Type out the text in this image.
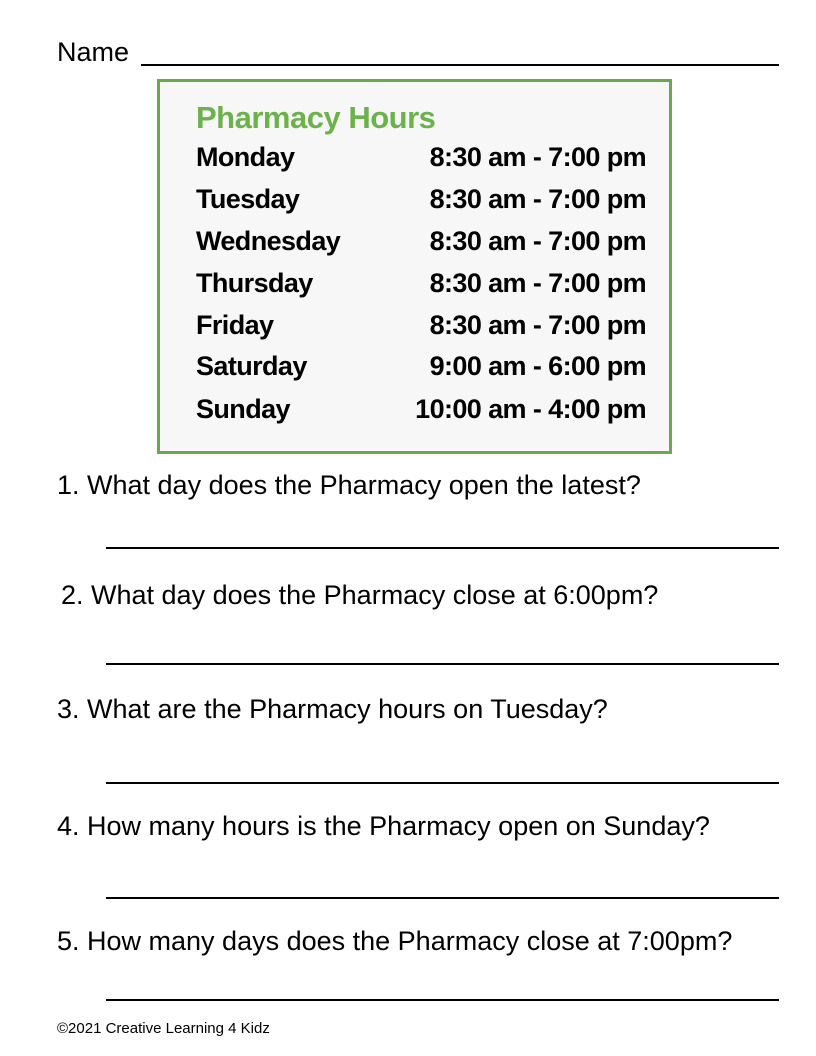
Name
Pharmacy Hours
Monday	8:30 am - 7:00 pm
Tuesday	8:30 am - 7:00 pm
Wednesday	8:30 am - 7:00 pm
Thursday	8:30 am - 7:00 pm
Friday	8:30 am - 7:00 pm
Saturday	9:00 am - 6:00 pm
Sunday	10:00 am - 4:00 pm
1. What day does the Pharmacy open the latest?
2. What day does the Pharmacy close at 6:00pm?
3. What are the Pharmacy hours on Tuesday?
4. How many hours is the Pharmacy open on Sunday?
5. How many days does the Pharmacy close at 7:00pm?
©2021 Creative Learning 4 Kidz
